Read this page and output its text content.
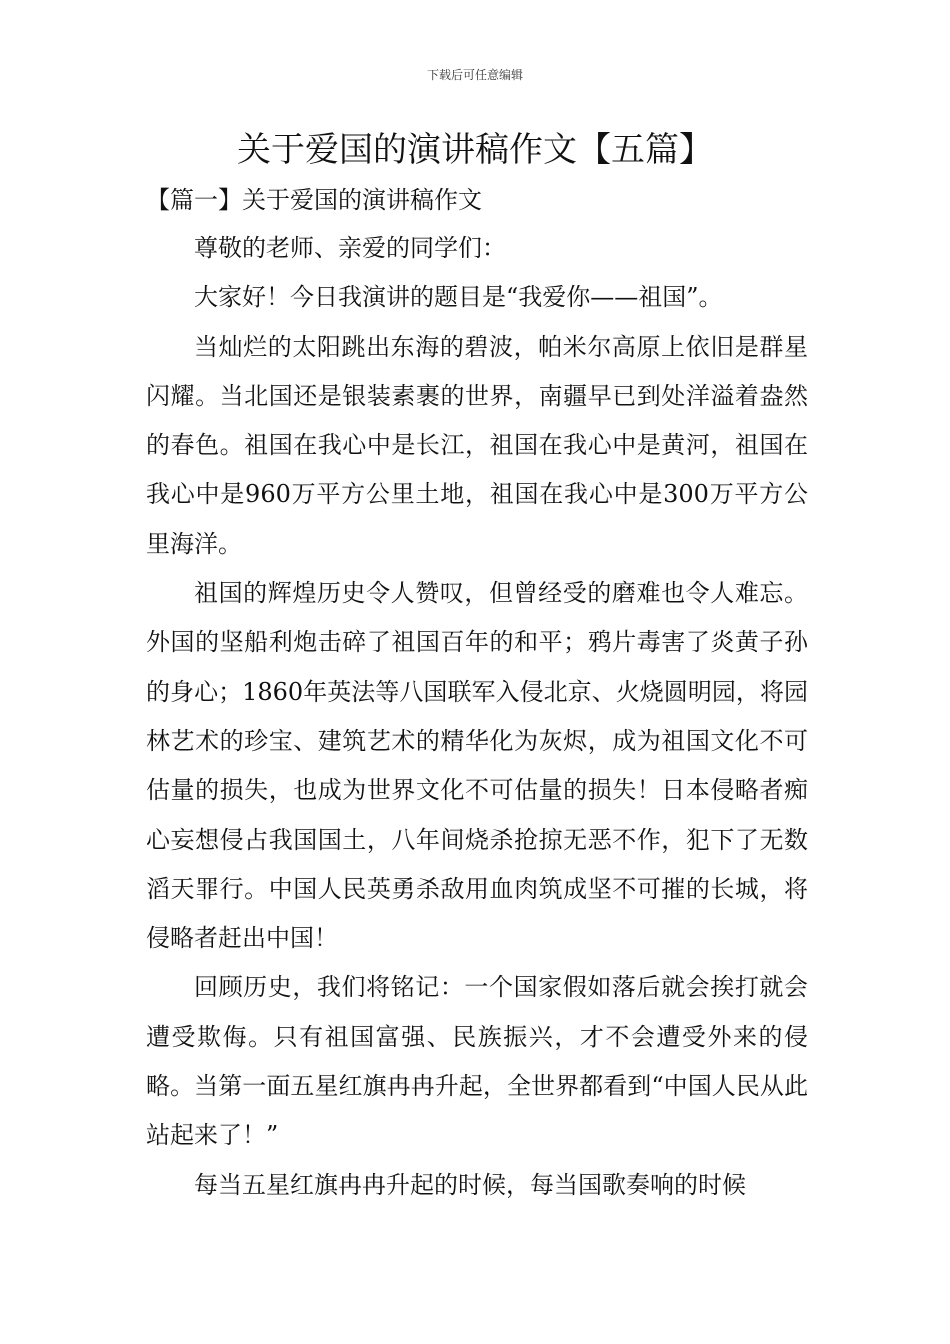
下载后可任意编辑
关于爱国的演讲稿作文【五篇】
【篇一】关于爱国的演讲稿作文

尊敬的老师、亲爱的同学们：

大家好！今日我演讲的题目是“我爱你——祖国”。

当灿烂的太阳跳出东海的碧波，帕米尔高原上依旧是群星闪耀。当北国还是银装素裹的世界，南疆早已到处洋溢着盎然的春色。祖国在我心中是长江，祖国在我心中是黄河，祖国在我心中是960万平方公里土地，祖国在我心中是300万平方公里海洋。

祖国的辉煌历史令人赞叹，但曾经受的磨难也令人难忘。外国的坚船利炮击碎了祖国百年的和平；鸦片毒害了炎黄子孙的身心；1860年英法等八国联军入侵北京、火烧圆明园，将园林艺术的珍宝、建筑艺术的精华化为灰烬，成为祖国文化不可估量的损失，也成为世界文化不可估量的损失！日本侵略者痴心妄想侵占我国国土，八年间烧杀抢掠无恶不作，犯下了无数滔天罪行。中国人民英勇杀敌用血肉筑成坚不可摧的长城，将侵略者赶出中国！

回顾历史，我们将铭记：一个国家假如落后就会挨打就会遭受欺侮。只有祖国富强、民族振兴，才不会遭受外来的侵略。当第一面五星红旗冉冉升起，全世界都看到“中国人民从此站起来了！”

每当五星红旗冉冉升起的时候，每当国歌奏响的时候
